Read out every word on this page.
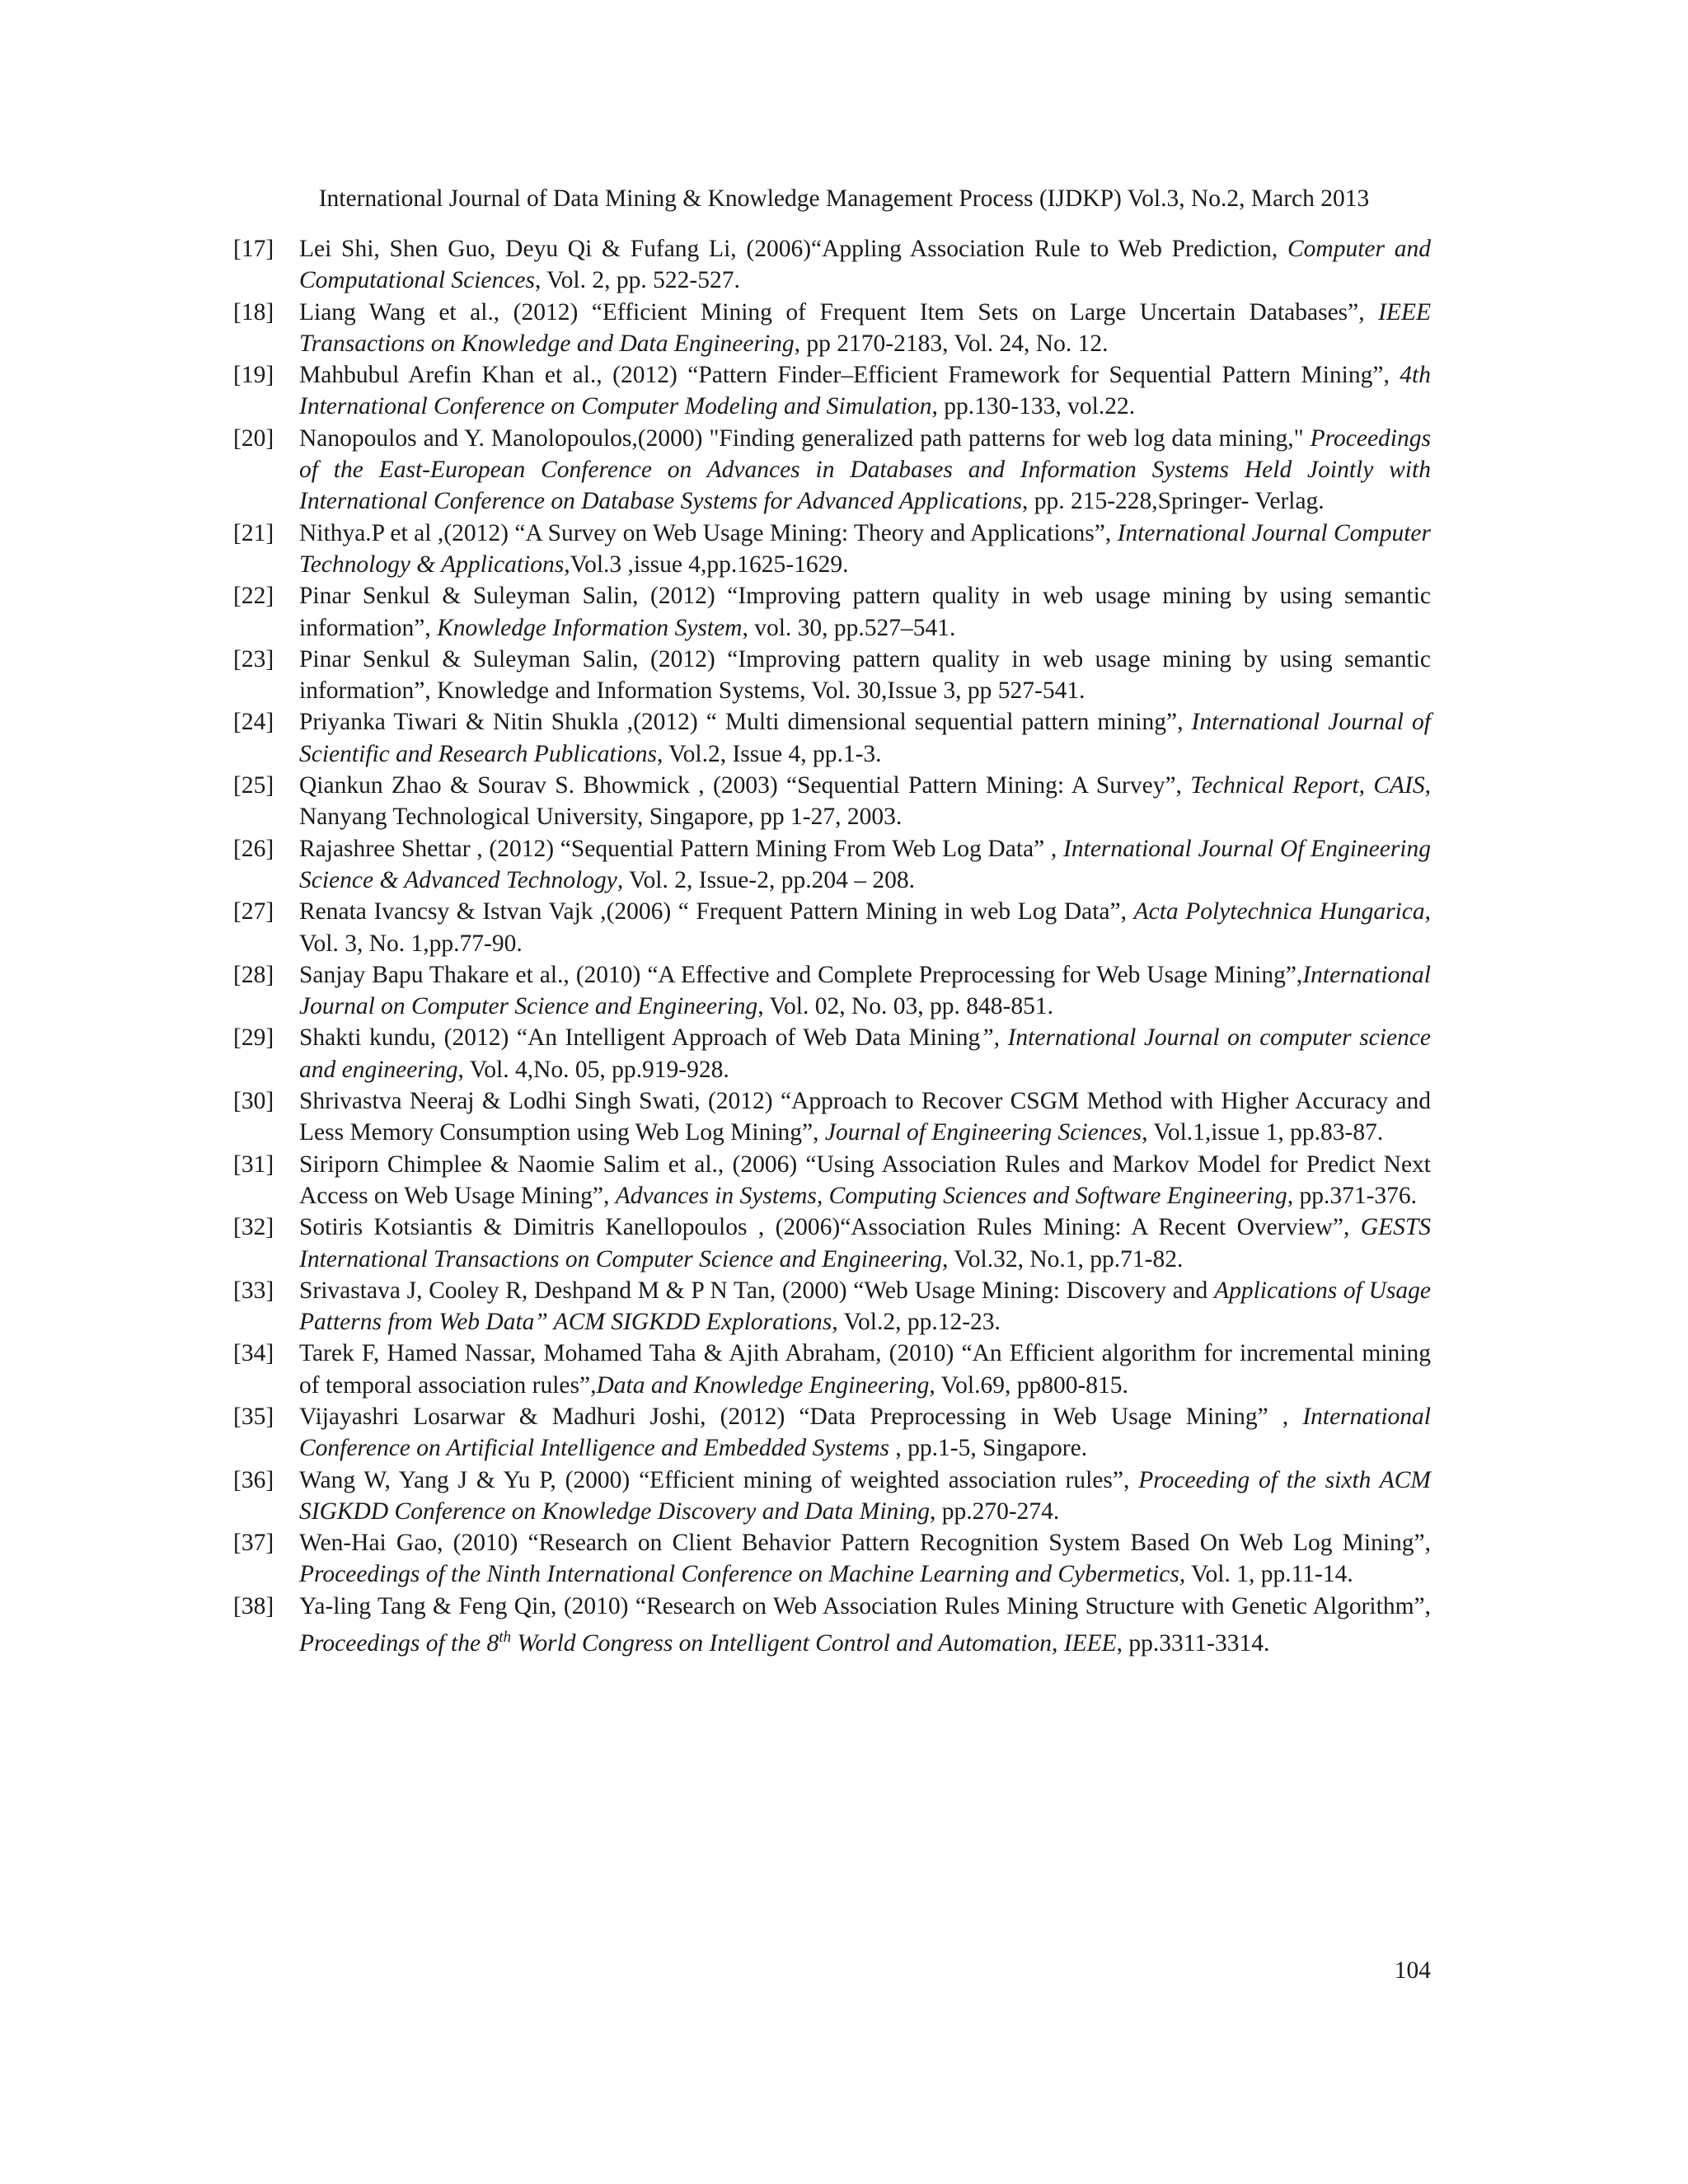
International Journal of Data Mining & Knowledge Management Process (IJDKP) Vol.3, No.2, March 2013
[17] Lei Shi, Shen Guo, Deyu Qi & Fufang Li, (2006)“Appling Association Rule to Web Prediction, Computer and Computational Sciences, Vol. 2, pp. 522-527.
[18] Liang Wang et al., (2012) “Efficient Mining of Frequent Item Sets on Large Uncertain Databases”, IEEE Transactions on Knowledge and Data Engineering, pp 2170-2183, Vol. 24, No. 12.
[19] Mahbubul Arefin Khan et al., (2012) “Pattern Finder–Efficient Framework for Sequential Pattern Mining”, 4th International Conference on Computer Modeling and Simulation, pp.130-133, vol.22.
[20] Nanopoulos and Y. Manolopoulos,(2000) "Finding generalized path patterns for web log data mining," Proceedings of the East-European Conference on Advances in Databases and Information Systems Held Jointly with International Conference on Database Systems for Advanced Applications, pp. 215-228,Springer- Verlag.
[21] Nithya.P et al ,(2012) “A Survey on Web Usage Mining: Theory and Applications”, International Journal Computer Technology & Applications,Vol.3 ,issue 4,pp.1625-1629.
[22] Pinar Senkul & Suleyman Salin, (2012) “Improving pattern quality in web usage mining by using semantic information”, Knowledge Information System, vol. 30, pp.527–541.
[23] Pinar Senkul & Suleyman Salin, (2012) “Improving pattern quality in web usage mining by using semantic information”, Knowledge and Information Systems, Vol. 30,Issue 3, pp 527-541.
[24] Priyanka Tiwari & Nitin Shukla ,(2012) “ Multi dimensional sequential pattern mining”, International Journal of Scientific and Research Publications, Vol.2, Issue 4, pp.1-3.
[25] Qiankun Zhao & Sourav S. Bhowmick , (2003) “Sequential Pattern Mining: A Survey”, Technical Report, CAIS, Nanyang Technological University, Singapore, pp 1-27, 2003.
[26] Rajashree Shettar , (2012) “Sequential Pattern Mining From Web Log Data” , International Journal Of Engineering Science & Advanced Technology, Vol. 2, Issue-2, pp.204 – 208.
[27] Renata Ivancsy & Istvan Vajk ,(2006) “ Frequent Pattern Mining in web Log Data”, Acta Polytechnica Hungarica, Vol. 3, No. 1,pp.77-90.
[28] Sanjay Bapu Thakare et al., (2010) “A Effective and Complete Preprocessing for Web Usage Mining”,International Journal on Computer Science and Engineering, Vol. 02, No. 03, pp. 848-851.
[29] Shakti kundu, (2012) “An Intelligent Approach of Web Data Mining”, International Journal on computer science and engineering, Vol. 4,No. 05, pp.919-928.
[30] Shrivastva Neeraj & Lodhi Singh Swati, (2012) “Approach to Recover CSGM Method with Higher Accuracy and Less Memory Consumption using Web Log Mining”, Journal of Engineering Sciences, Vol.1,issue 1, pp.83-87.
[31] Siriporn Chimplee & Naomie Salim et al., (2006) “Using Association Rules and Markov Model for Predict Next Access on Web Usage Mining”, Advances in Systems, Computing Sciences and Software Engineering, pp.371-376.
[32] Sotiris Kotsiantis & Dimitris Kanellopoulos , (2006)“Association Rules Mining: A Recent Overview”, GESTS International Transactions on Computer Science and Engineering, Vol.32, No.1, pp.71-82.
[33] Srivastava J, Cooley R, Deshpand M & P N Tan, (2000) “Web Usage Mining: Discovery and Applications of Usage Patterns from Web Data” ACM SIGKDD Explorations, Vol.2, pp.12-23.
[34] Tarek F, Hamed Nassar, Mohamed Taha & Ajith Abraham, (2010) “An Efficient algorithm for incremental mining of temporal association rules”,Data and Knowledge Engineering, Vol.69, pp800-815.
[35] Vijayashri Losarwar & Madhuri Joshi, (2012) “Data Preprocessing in Web Usage Mining” , International Conference on Artificial Intelligence and Embedded Systems , pp.1-5, Singapore.
[36] Wang W, Yang J & Yu P, (2000) “Efficient mining of weighted association rules”, Proceeding of the sixth ACM SIGKDD Conference on Knowledge Discovery and Data Mining, pp.270-274.
[37] Wen-Hai Gao, (2010) “Research on Client Behavior Pattern Recognition System Based On Web Log Mining”, Proceedings of the Ninth International Conference on Machine Learning and Cybermetics, Vol. 1, pp.11-14.
[38] Ya-ling Tang & Feng Qin, (2010) “Research on Web Association Rules Mining Structure with Genetic Algorithm”, Proceedings of the 8th World Congress on Intelligent Control and Automation, IEEE, pp.3311-3314.
104
